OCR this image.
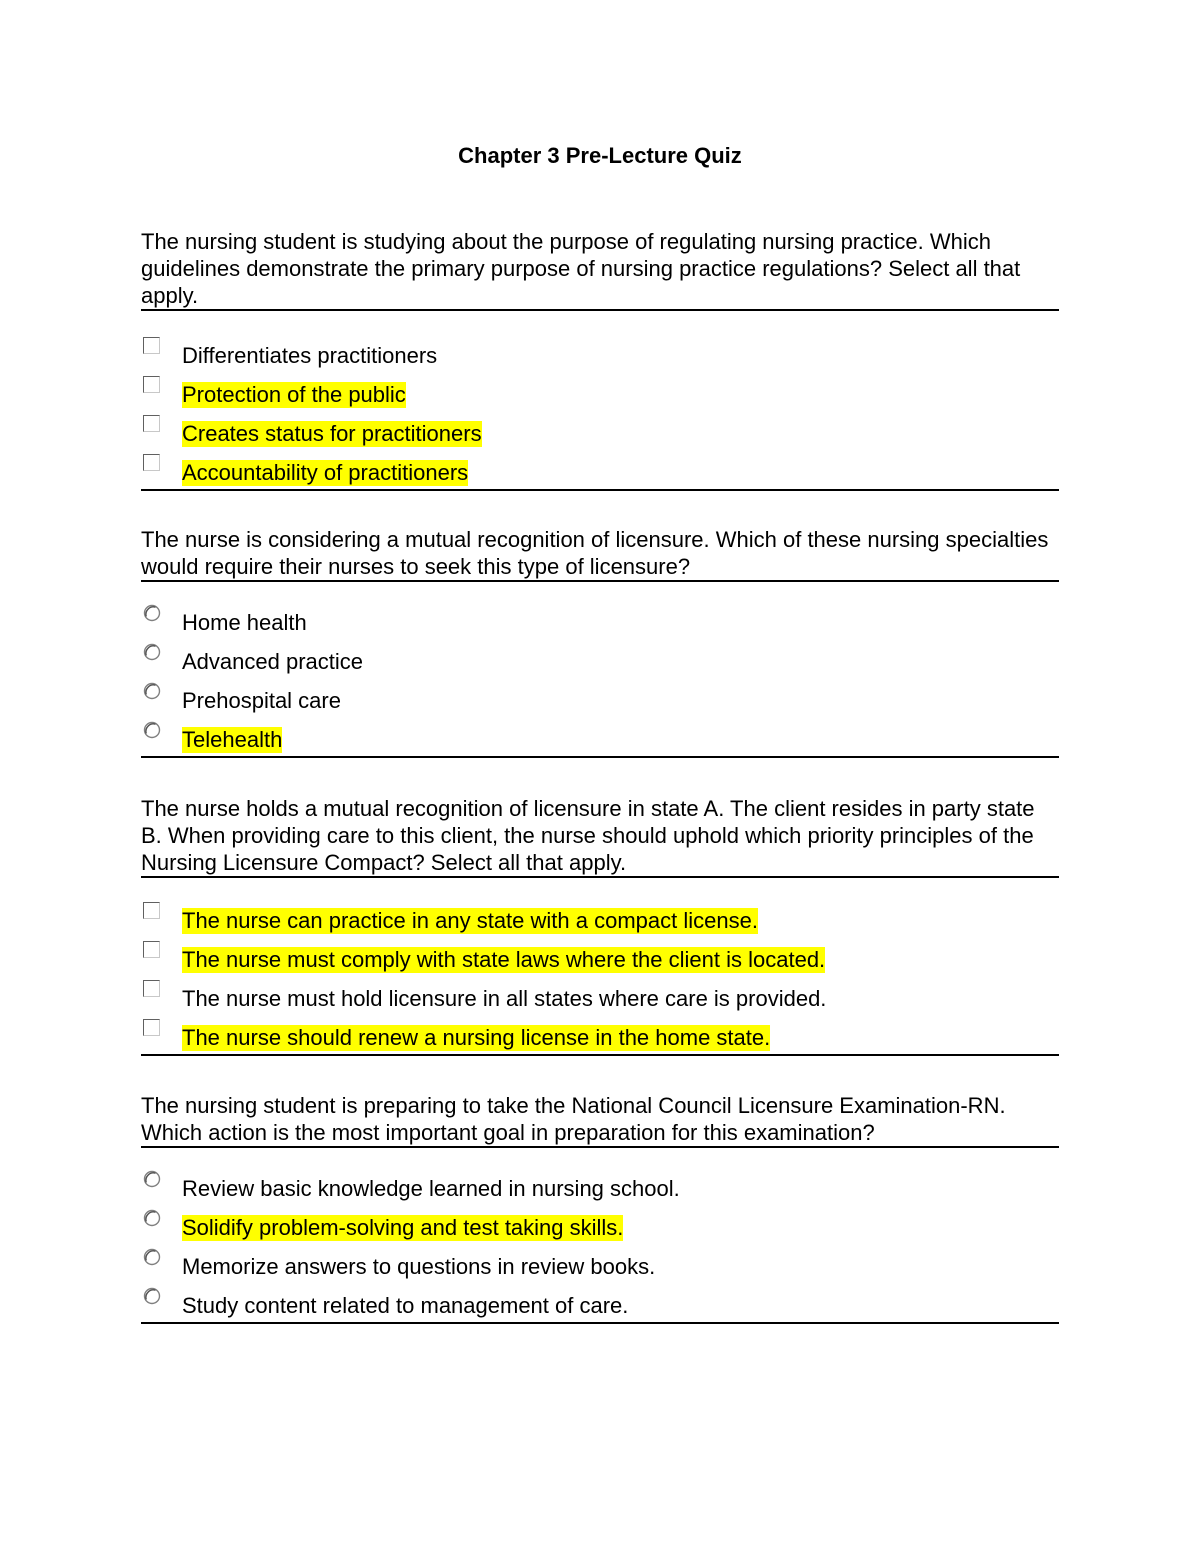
Chapter 3 Pre-Lecture Quiz

The nursing student is studying about the purpose of regulating nursing practice. Which guidelines demonstrate the primary purpose of nursing practice regulations? Select all that apply.

Differentiates practitioners
Protection of the public
Creates status for practitioners
Accountability of practitioners

The nurse is considering a mutual recognition of licensure. Which of these nursing specialties would require their nurses to seek this type of licensure?

Home health
Advanced practice
Prehospital care
Telehealth

The nurse holds a mutual recognition of licensure in state A. The client resides in party state B. When providing care to this client, the nurse should uphold which priority principles of the Nursing Licensure Compact? Select all that apply.

The nurse can practice in any state with a compact license.
The nurse must comply with state laws where the client is located.
The nurse must hold licensure in all states where care is provided.
The nurse should renew a nursing license in the home state.

The nursing student is preparing to take the National Council Licensure Examination-RN. Which action is the most important goal in preparation for this examination?

Review basic knowledge learned in nursing school.
Solidify problem-solving and test taking skills.
Memorize answers to questions in review books.
Study content related to management of care.
